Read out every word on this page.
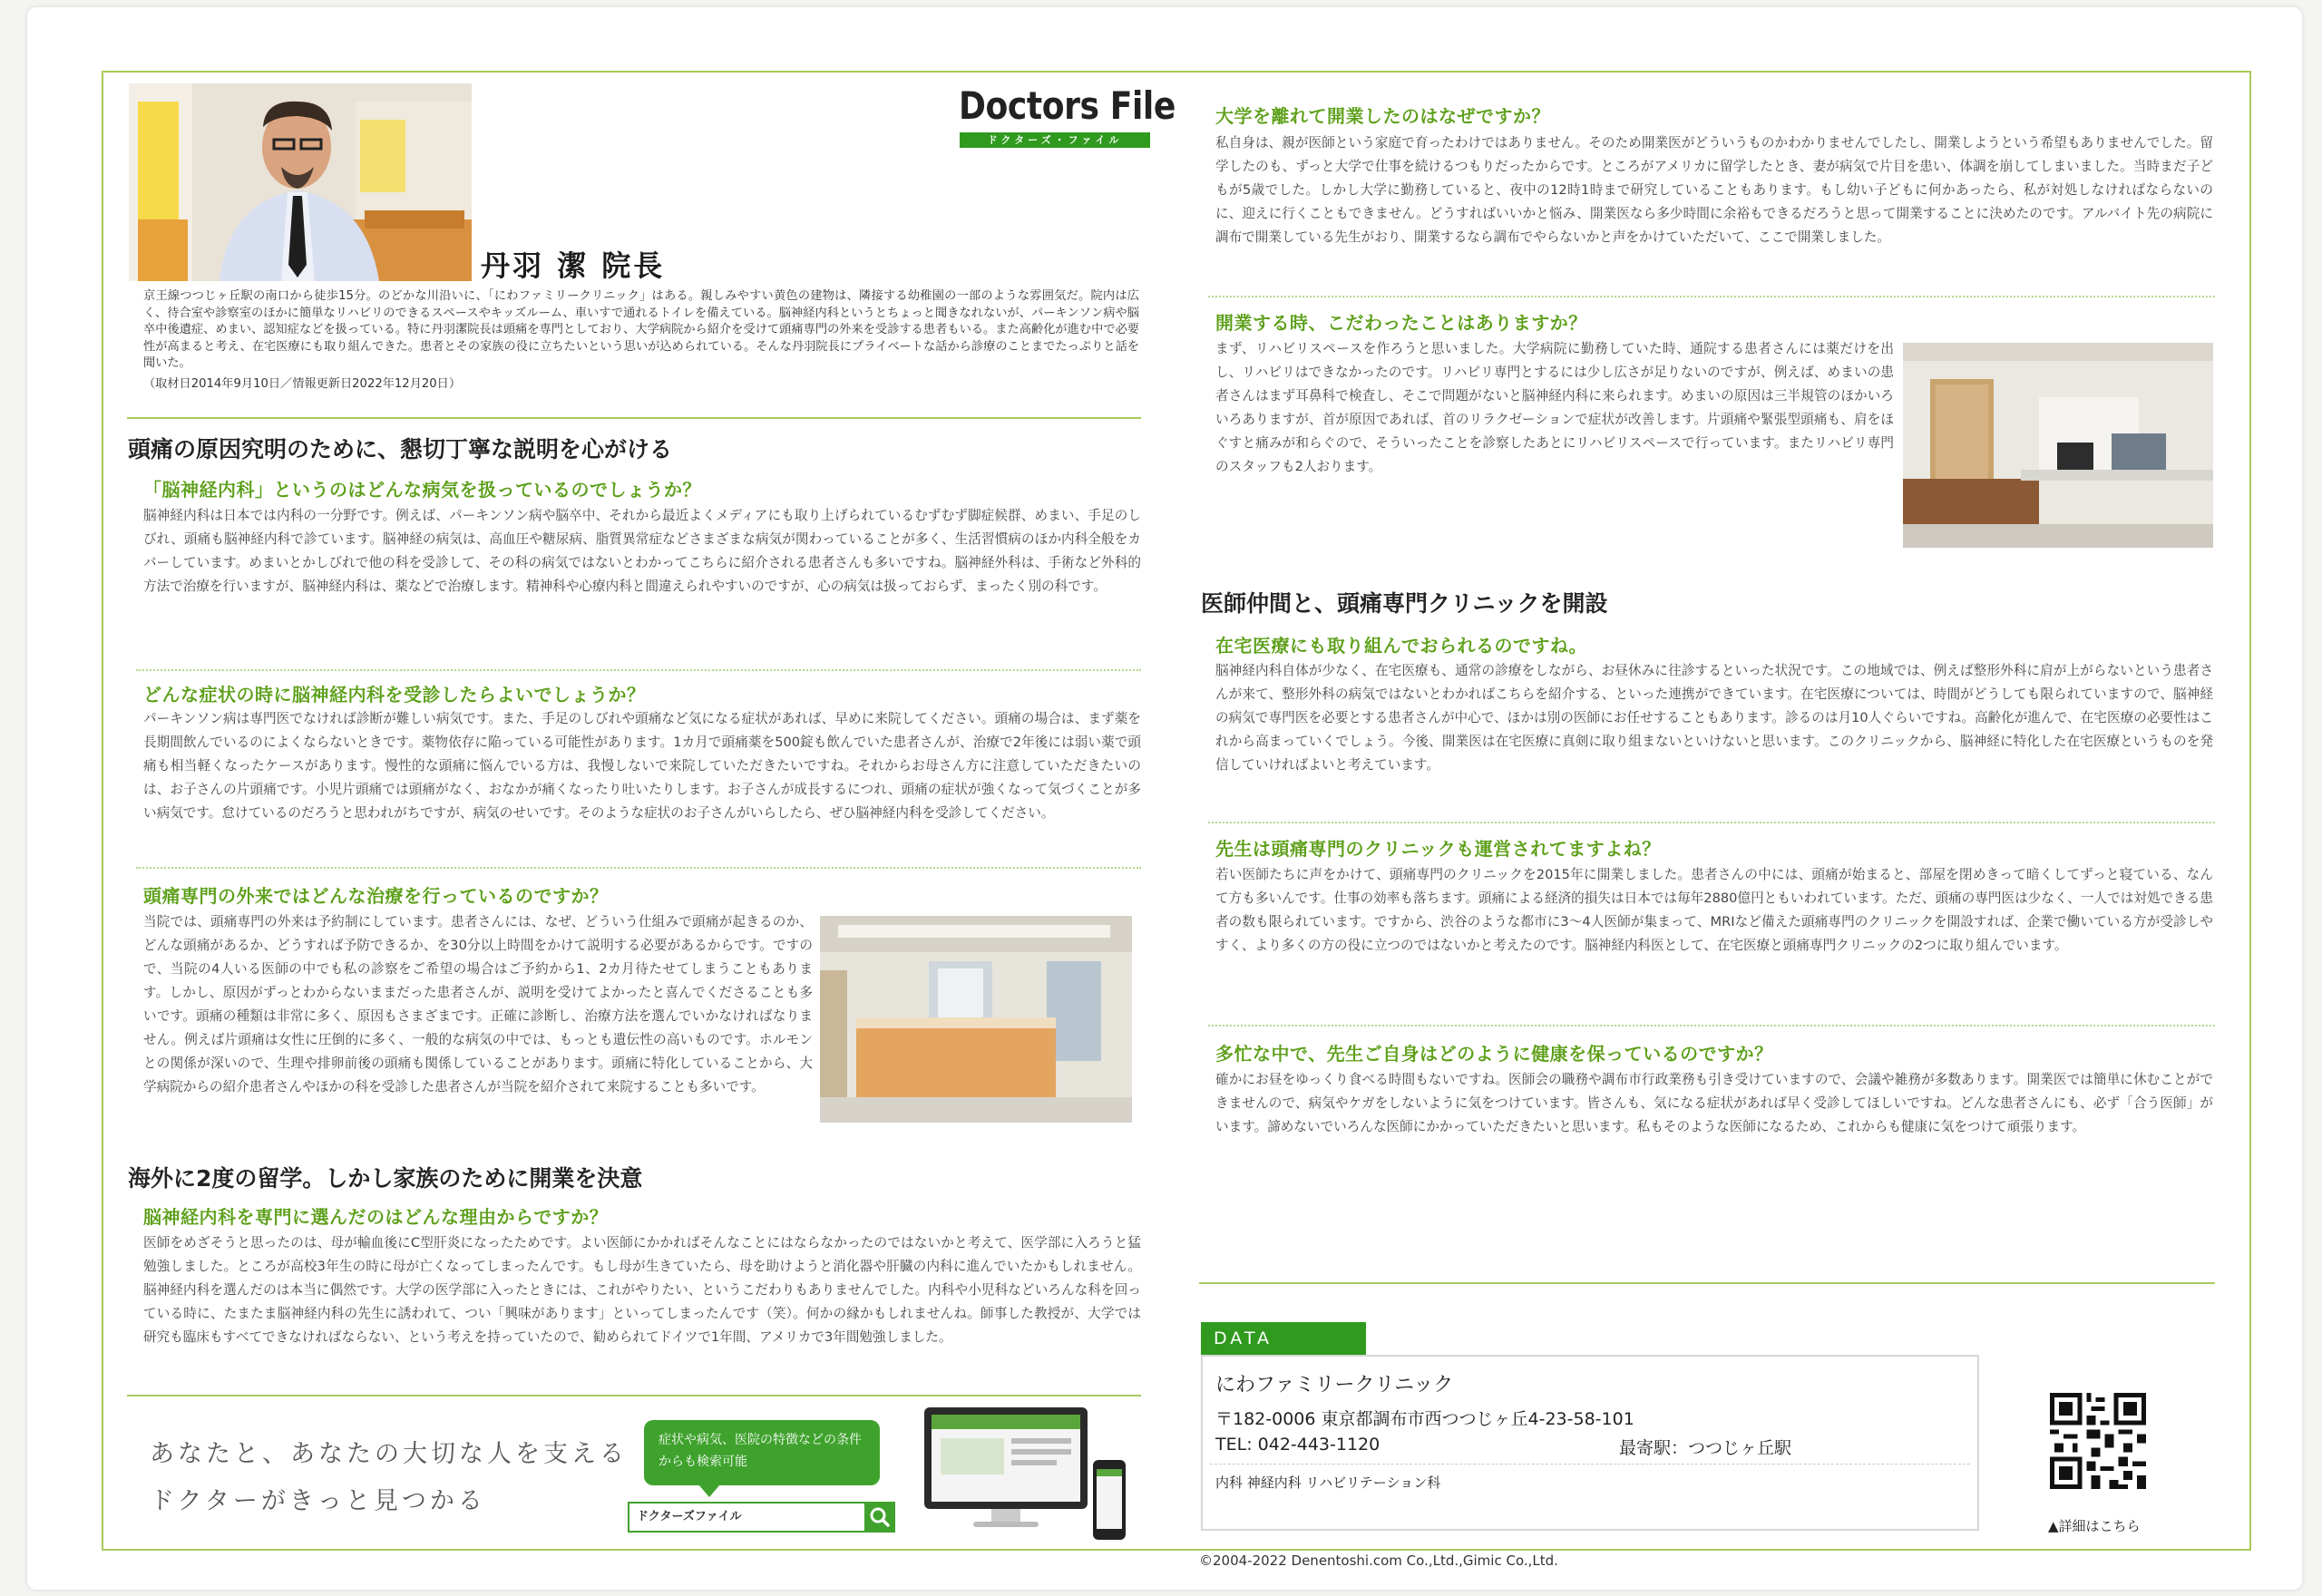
Doctors File
ドクターズ・ファイル
丹羽 潔 院長

京王線つつじヶ丘駅の南口から徒歩15分。のどかな川沿いに、「にわファミリークリニック」はある。親しみやすい黄色の建物は、隣接する幼稚園の一部のような雰囲気だ。院内は広く、待合室や診察室のほかに簡単なリハビリのできるスペースやキッズルーム、車いすで通れるトイレを備えている。脳神経内科というとちょっと聞きなれないが、パーキンソン病や脳卒中後遺症、めまい、認知症などを扱っている。特に丹羽潔院長は頭痛を専門としており、大学病院から紹介を受けて頭痛専門の外来を受診する患者もいる。また高齢化が進む中で必要性が高まると考え、在宅医療にも取り組んできた。患者とその家族の役に立ちたいという思いが込められている。そんな丹羽院長にプライベートな話から診療のことまでたっぷりと話を聞いた。

（取材日2014年9月10日／情報更新日2022年12月20日）
頭痛の原因究明のために、懇切丁寧な説明を心がける
「脳神経内科」というのはどんな病気を扱っているのでしょうか？

脳神経内科は日本では内科の一分野です。例えば、パーキンソン病や脳卒中、それから最近よくメディアにも取り上げられているむずむず脚症候群、めまい、手足のしびれ、頭痛も脳神経内科で診ています。脳神経の病気は、高血圧や糖尿病、脂質異常症などさまざまな病気が関わっていることが多く、生活習慣病のほか内科全般をカバーしています。めまいとかしびれで他の科を受診して、その科の病気ではないとわかってこちらに紹介される患者さんも多いですね。脳神経外科は、手術など外科的方法で治療を行いますが、脳神経内科は、薬などで治療します。精神科や心療内科と間違えられやすいのですが、心の病気は扱っておらず、まったく別の科です。

どんな症状の時に脳神経内科を受診したらよいでしょうか？

パーキンソン病は専門医でなければ診断が難しい病気です。また、手足のしびれや頭痛など気になる症状があれば、早めに来院してください。頭痛の場合は、まず薬を長期間飲んでいるのによくならないときです。薬物依存に陥っている可能性があります。1カ月で頭痛薬を500錠も飲んでいた患者さんが、治療で2年後には弱い薬で頭痛も相当軽くなったケースがあります。慢性的な頭痛に悩んでいる方は、我慢しないで来院していただきたいですね。それからお母さん方に注意していただきたいのは、お子さんの片頭痛です。小児片頭痛では頭痛がなく、おなかが痛くなったり吐いたりします。お子さんが成長するにつれ、頭痛の症状が強くなって気づくことが多い病気です。怠けているのだろうと思われがちですが、病気のせいです。そのような症状のお子さんがいらしたら、ぜひ脳神経内科を受診してください。

頭痛専門の外来ではどんな治療を行っているのですか？

当院では、頭痛専門の外来は予約制にしています。患者さんには、なぜ、どういう仕組みで頭痛が起きるのか、どんな頭痛があるか、どうすれば予防できるか、を30分以上時間をかけて説明する必要があるからです。ですので、当院の4人いる医師の中でも私の診察をご希望の場合はご予約から1、2カ月待たせてしまうこともあります。しかし、原因がずっとわからないままだった患者さんが、説明を受けてよかったと喜んでくださることも多いです。頭痛の種類は非常に多く、原因もさまざまです。正確に診断し、治療方法を選んでいかなければなりません。例えば片頭痛は女性に圧倒的に多く、一般的な病気の中では、もっとも遺伝性の高いものです。ホルモンとの関係が深いので、生理や排卵前後の頭痛も関係していることがあります。頭痛に特化していることから、大学病院からの紹介患者さんやほかの科を受診した患者さんが当院を紹介されて来院することも多いです。

海外に2度の留学。しかし家族のために開業を決意
脳神経内科を専門に選んだのはどんな理由からですか？

医師をめざそうと思ったのは、母が輸血後にC型肝炎になったためです。よい医師にかかればそんなことにはならなかったのではないかと考えて、医学部に入ろうと猛勉強しました。ところが高校3年生の時に母が亡くなってしまったんです。もし母が生きていたら、母を助けようと消化器や肝臓の内科に進んでいたかもしれません。脳神経内科を選んだのは本当に偶然です。大学の医学部に入ったときには、これがやりたい、というこだわりもありませんでした。内科や小児科などいろんな科を回っている時に、たまたま脳神経内科の先生に誘われて、つい「興味があります」といってしまったんです（笑）。何かの縁かもしれませんね。師事した教授が、大学では研究も臨床もすべてできなければならない、という考えを持っていたので、勧められてドイツで1年間、アメリカで3年間勉強しました。

あなたと、あなたの大切な人を支える
ドクターがきっと見つかる
症状や病気、医院の特徴などの条件からも検索可能
ドクターズファイル
大学を離れて開業したのはなぜですか？

私自身は、親が医師という家庭で育ったわけではありません。そのため開業医がどういうものかわかりませんでしたし、開業しようという希望もありませんでした。留学したのも、ずっと大学で仕事を続けるつもりだったからです。ところがアメリカに留学したとき、妻が病気で片目を患い、体調を崩してしまいました。当時まだ子どもが5歳でした。しかし大学に勤務していると、夜中の12時1時まで研究していることもあります。もし幼い子どもに何かあったら、私が対処しなければならないのに、迎えに行くこともできません。どうすればいいかと悩み、開業医なら多少時間に余裕もできるだろうと思って開業することに決めたのです。アルバイト先の病院に調布で開業している先生がおり、開業するなら調布でやらないかと声をかけていただいて、ここで開業しました。

開業する時、こだわったことはありますか？

まず、リハビリスペースを作ろうと思いました。大学病院に勤務していた時、通院する患者さんには薬だけを出し、リハビリはできなかったのです。リハビリ専門とするには少し広さが足りないのですが、例えば、めまいの患者さんはまず耳鼻科で検査し、そこで問題がないと脳神経内科に来られます。めまいの原因は三半規管のほかいろいろありますが、首が原因であれば、首のリラクゼーションで症状が改善します。片頭痛や緊張型頭痛も、肩をほぐすと痛みが和らぐので、そういったことを診察したあとにリハビリスペースで行っています。またリハビリ専門のスタッフも2人おります。

医師仲間と、頭痛専門クリニックを開設
在宅医療にも取り組んでおられるのですね。

脳神経内科自体が少なく、在宅医療も、通常の診療をしながら、お昼休みに往診するといった状況です。この地域では、例えば整形外科に肩が上がらないという患者さんが来て、整形外科の病気ではないとわかればこちらを紹介する、といった連携ができています。在宅医療については、時間がどうしても限られていますので、脳神経の病気で専門医を必要とする患者さんが中心で、ほかは別の医師にお任せすることもあります。診るのは月10人ぐらいですね。高齢化が進んで、在宅医療の必要性はこれから高まっていくでしょう。今後、開業医は在宅医療に真剣に取り組まないといけないと思います。このクリニックから、脳神経に特化した在宅医療というものを発信していければよいと考えています。

先生は頭痛専門のクリニックも運営されてますよね？

若い医師たちに声をかけて、頭痛専門のクリニックを2015年に開業しました。患者さんの中には、頭痛が始まると、部屋を閉めきって暗くしてずっと寝ている、なんて方も多いんです。仕事の効率も落ちます。頭痛による経済的損失は日本では毎年2880億円ともいわれています。ただ、頭痛の専門医は少なく、一人では対処できる患者の数も限られています。ですから、渋谷のような都市に3〜4人医師が集まって、MRIなど備えた頭痛専門のクリニックを開設すれば、企業で働いている方が受診しやすく、より多くの方の役に立つのではないかと考えたのです。脳神経内科医として、在宅医療と頭痛専門クリニックの2つに取り組んでいます。

多忙な中で、先生ご自身はどのように健康を保っているのですか？

確かにお昼をゆっくり食べる時間もないですね。医師会の職務や調布市行政業務も引き受けていますので、会議や雑務が多数あります。開業医では簡単に休むことができませんので、病気やケガをしないように気をつけています。皆さんも、気になる症状があれば早く受診してほしいですね。どんな患者さんにも、必ず「合う医師」がいます。諦めないでいろんな医師にかかっていただきたいと思います。私もそのような医師になるため、これからも健康に気をつけて頑張ります。

DATA
にわファミリークリニック
〒182-0006 東京都調布市西つつじヶ丘4-23-58-101
TEL: 042-443-1120	最寄駅：つつじヶ丘駅
内科 神経内科 リハビリテーション科
▲詳細はこちら
©2004-2022 Denentoshi.com Co.,Ltd.,Gimic Co.,Ltd.
